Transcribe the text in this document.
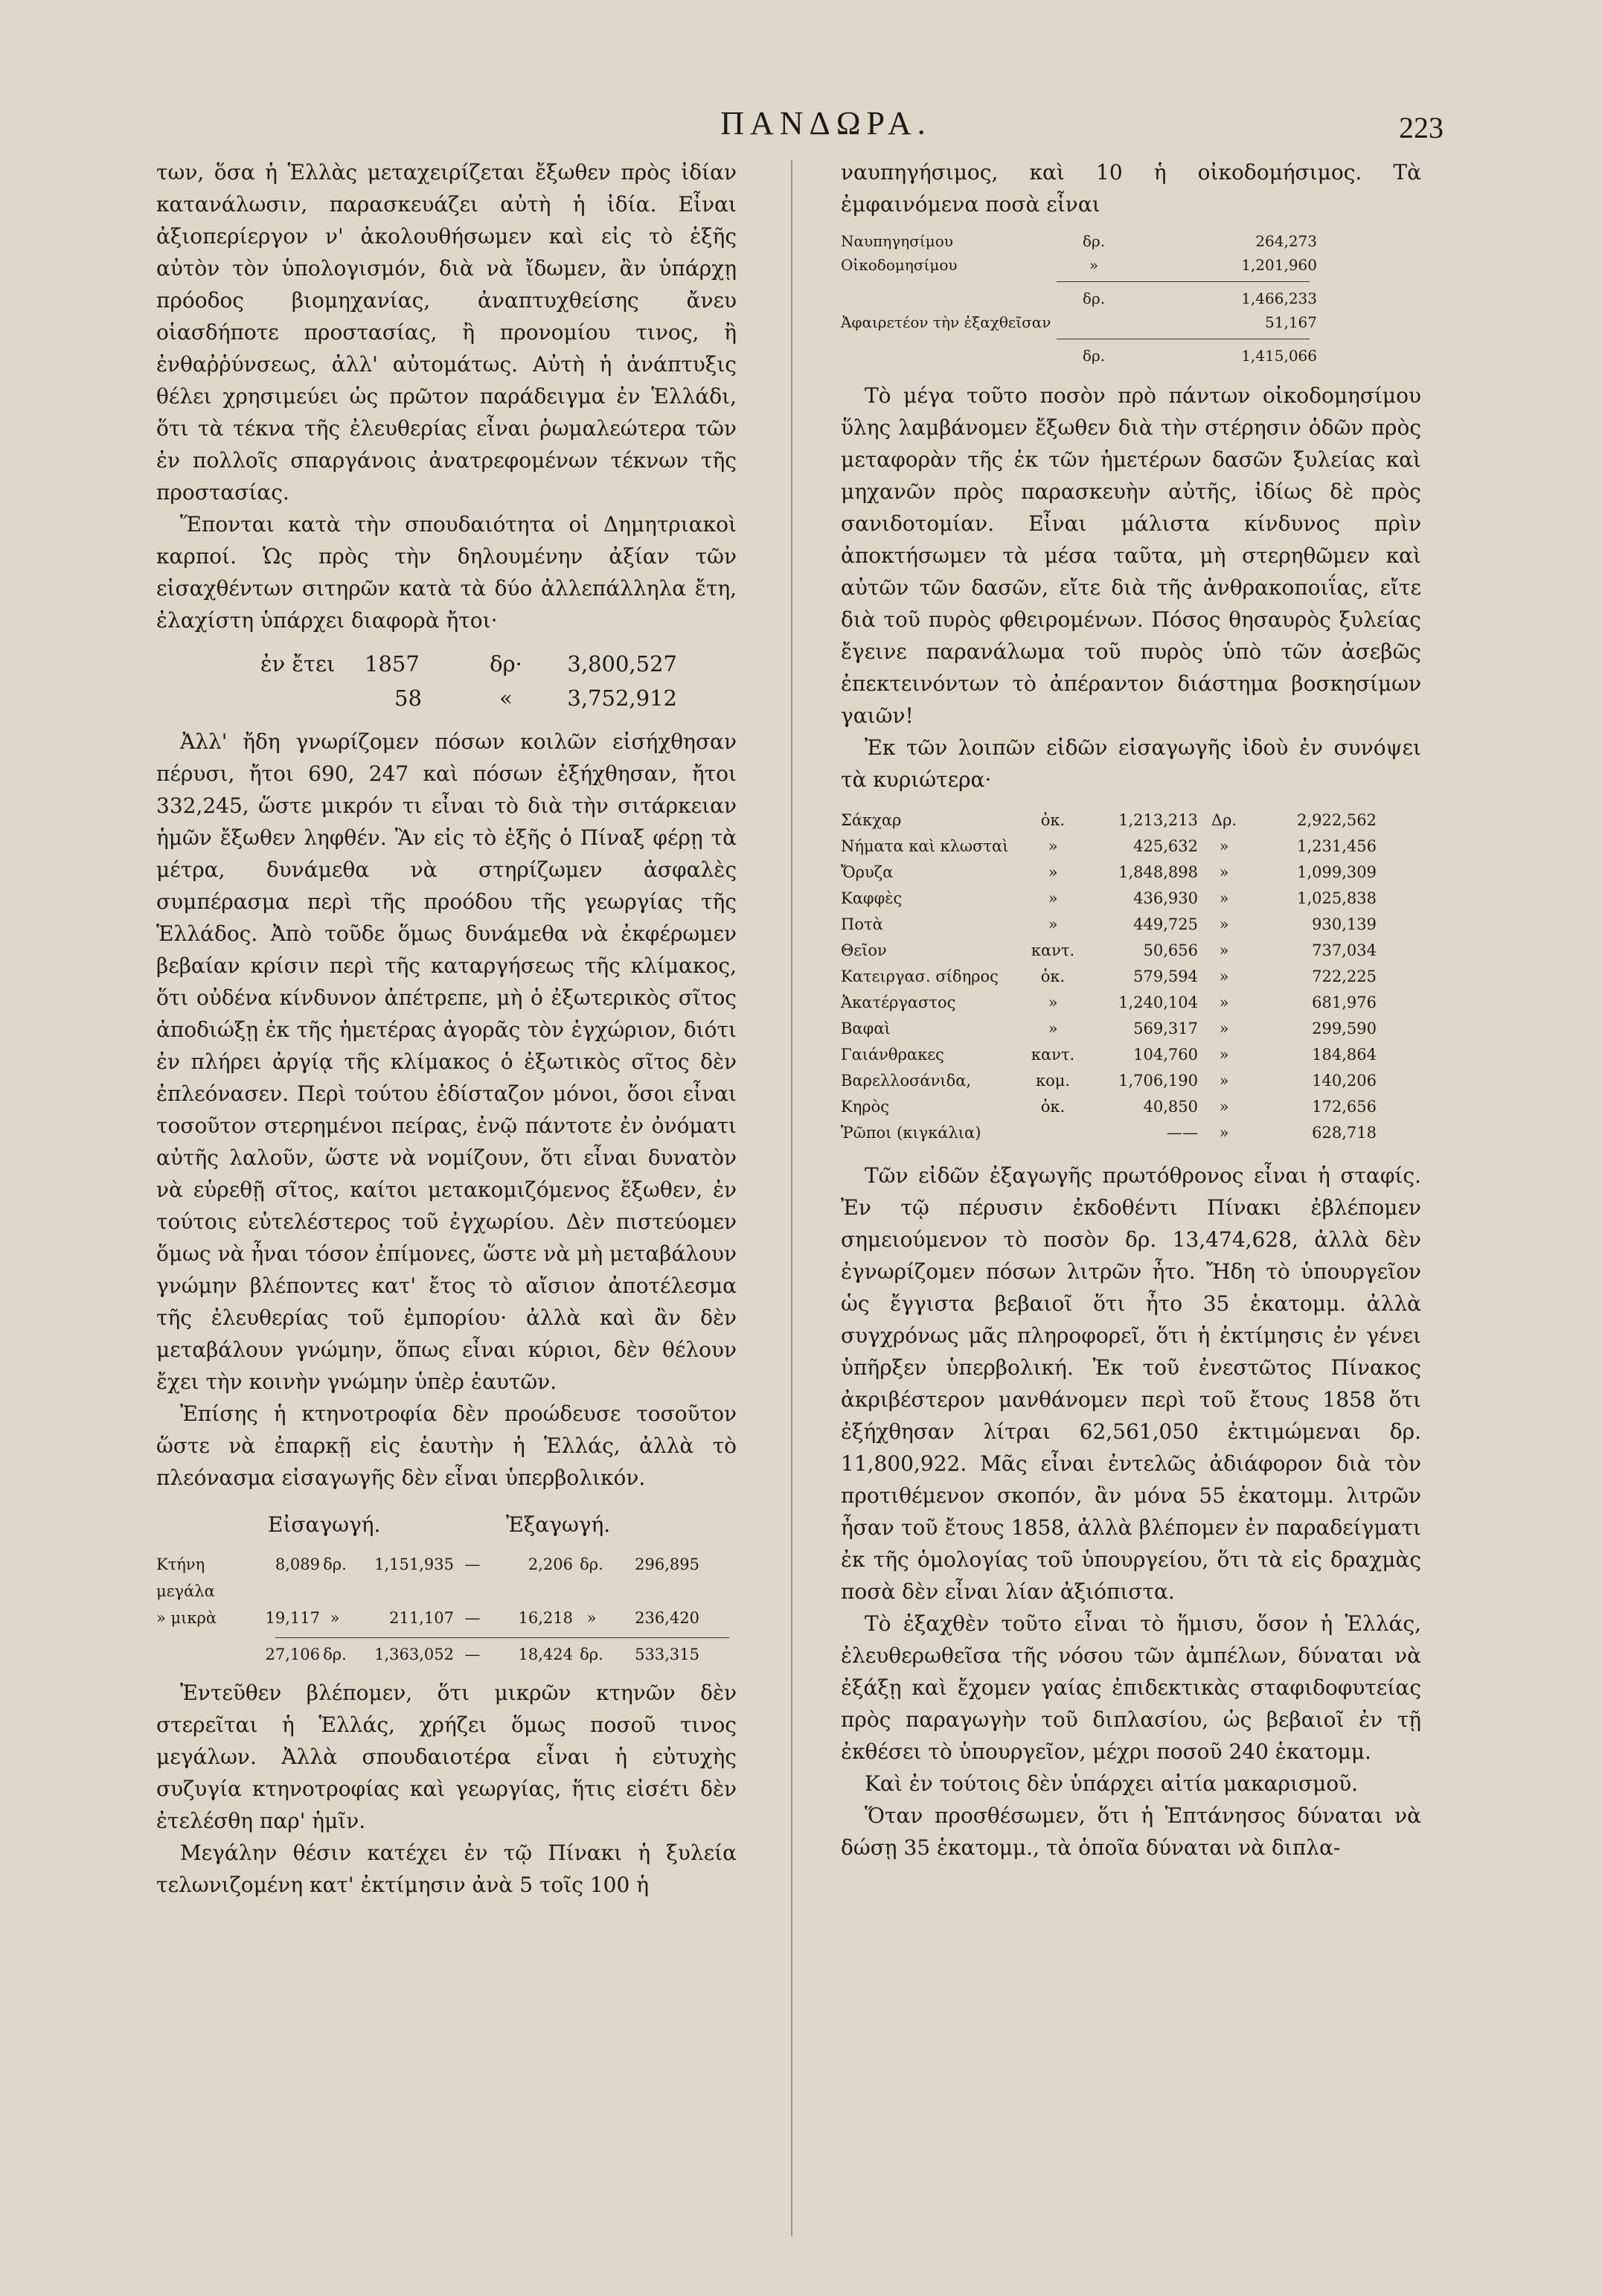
ΠΑΝΔΩΡΑ.	223

των, ὅσα ἡ Ἑλλὰς μεταχειρίζεται ἔξωθεν πρὸς ἰδίαν κατανάλωσιν, παρασκευάζει αὐτὴ ἡ ἰδία. Εἶναι ἀξιοπερίεργον ν' ἀκολουθήσωμεν καὶ εἰς τὸ ἑξῆς αὐτὸν τὸν ὑπολογισμόν, διὰ νὰ ἴδωμεν, ἂν ὑπάρχῃ πρόοδος βιομηχανίας, ἀναπτυχθείσης ἄνευ οἱασδήποτε προστασίας, ἢ προνομίου τινος, ἢ ἐνθαῤῥύνσεως, ἀλλ' αὐτομάτως. Αὐτὴ ἡ ἀνάπτυξις θέλει χρησιμεύει ὡς πρῶτον παράδειγμα ἐν Ἑλλάδι, ὅτι τὰ τέκνα τῆς ἐλευθερίας εἶναι ῥωμαλεώτερα τῶν ἐν πολλοῖς σπαργάνοις ἀνατρεφομένων τέκνων τῆς προστασίας.

Ἕπονται κατὰ τὴν σπουδαιότητα οἱ Δημητριακοὶ καρποί. Ὡς πρὸς τὴν δηλουμένην ἀξίαν τῶν εἰσαχθέντων σιτηρῶν κατὰ τὰ δύο ἀλλεπάλληλα ἔτη, ἐλαχίστη ὑπάρχει διαφορὰ ἤτοι·

ἐν ἔτει	1857	δρ·	3,800,527
58	«	3,752,912

Ἀλλ' ἤδη γνωρίζομεν πόσων κοιλῶν εἰσήχθησαν πέρυσι, ἤτοι 690, 247 καὶ πόσων ἐξήχθησαν, ἤτοι 332,245, ὥστε μικρόν τι εἶναι τὸ διὰ τὴν σιτάρκειαν ἡμῶν ἔξωθεν ληφθέν. Ἂν εἰς τὸ ἑξῆς ὁ Πίναξ φέρῃ τὰ μέτρα, δυνάμεθα νὰ στηρίζωμεν ἀσφαλὲς συμπέρασμα περὶ τῆς προόδου τῆς γεωργίας τῆς Ἑλλάδος. Ἀπὸ τοῦδε ὅμως δυνάμεθα νὰ ἐκφέρωμεν βεβαίαν κρίσιν περὶ τῆς καταργήσεως τῆς κλίμακος, ὅτι οὐδένα κίνδυνον ἀπέτρεπε, μὴ ὁ ἐξωτερικὸς σῖτος ἀποδιώξῃ ἐκ τῆς ἡμετέρας ἀγορᾶς τὸν ἐγχώριον, διότι ἐν πλήρει ἀργίᾳ τῆς κλίμακος ὁ ἐξωτικὸς σῖτος δὲν ἐπλεόνασεν. Περὶ τούτου ἐδίσταζον μόνοι, ὅσοι εἶναι τοσοῦτον στερημένοι πείρας, ἐνῷ πάντοτε ἐν ὀνόματι αὐτῆς λαλοῦν, ὥστε νὰ νομίζουν, ὅτι εἶναι δυνατὸν νὰ εὑρεθῇ σῖτος, καίτοι μετακομιζόμενος ἔξωθεν, ἐν τούτοις εὐτελέστερος τοῦ ἐγχωρίου. Δὲν πιστεύομεν ὅμως νὰ ἦναι τόσον ἐπίμονες, ὥστε νὰ μὴ μεταβάλουν γνώμην βλέποντες κατ' ἔτος τὸ αἴσιον ἀποτέλεσμα τῆς ἐλευθερίας τοῦ ἐμπορίου· ἀλλὰ καὶ ἂν δὲν μεταβάλουν γνώμην, ὅπως εἶναι κύριοι, δὲν θέλουν ἔχει τὴν κοινὴν γνώμην ὑπὲρ ἑαυτῶν.

Ἐπίσης ἡ κτηνοτροφία δὲν προώδευσε τοσοῦτον ὥστε νὰ ἐπαρκῇ εἰς ἑαυτὴν ἡ Ἑλλάς, ἀλλὰ τὸ πλεόνασμα εἰσαγωγῆς δὲν εἶναι ὑπερβολικόν.

Εἰσαγωγή.	Ἐξαγωγή.
Κτήνη μεγάλα
8,089 δρ.	1,151,935 —	2,206 δρ.	296,895
» μικρὰ	19,117 »	211,107 —	16,218 »	236,420
27,106 δρ.	1,363,052 —	18,424 δρ.	533,315

Ἐντεῦθεν βλέπομεν, ὅτι μικρῶν κτηνῶν δὲν στερεῖται ἡ Ἑλλάς, χρήζει ὅμως ποσοῦ τινος μεγάλων. Ἀλλὰ σπουδαιοτέρα εἶναι ἡ εὐτυχὴς συζυγία κτηνοτροφίας καὶ γεωργίας, ἥτις εἰσέτι δὲν ἐτελέσθη παρ' ἡμῖν.

Μεγάλην θέσιν κατέχει ἐν τῷ Πίνακι ἡ ξυλεία τελωνιζομένη κατ' ἐκτίμησιν ἀνὰ 5 τοῖς 100 ἡ

ναυπηγήσιμος, καὶ 10 ἡ οἰκοδομήσιμος. Τὰ ἐμφαινόμενα ποσὰ εἶναι

Ναυπηγησίμου	δρ.	264,273
Οἰκοδομησίμου	»	1,201,960
δρ.	1,466,233
Ἀφαιρετέον τὴν ἐξαχθεῖσαν	51,167
δρ.	1,415,066

Τὸ μέγα τοῦτο ποσὸν πρὸ πάντων οἰκοδομησίμου ὕλης λαμβάνομεν ἔξωθεν διὰ τὴν στέρησιν ὁδῶν πρὸς μεταφορὰν τῆς ἐκ τῶν ἡμετέρων δασῶν ξυλείας καὶ μηχανῶν πρὸς παρασκευὴν αὐτῆς, ἰδίως δὲ πρὸς σανιδοτομίαν. Εἶναι μάλιστα κίνδυνος πρὶν ἀποκτήσωμεν τὰ μέσα ταῦτα, μὴ στερηθῶμεν καὶ αὐτῶν τῶν δασῶν, εἴτε διὰ τῆς ἀνθρακοποιΐας, εἴτε διὰ τοῦ πυρὸς φθειρομένων. Πόσος θησαυρὸς ξυλείας ἔγεινε παρανάλωμα τοῦ πυρὸς ὑπὸ τῶν ἀσεβῶς ἐπεκτεινόντων τὸ ἀπέραντον διάστημα βοσκησίμων γαιῶν!

Ἐκ τῶν λοιπῶν εἰδῶν εἰσαγωγῆς ἰδοὺ ἐν συνόψει τὰ κυριώτερα·

Σάκχαρ	ὀκ.	1,213,213 Δρ.	2,922,562
Νήματα καὶ κλωσταὶ	»	425,632	»	1,231,456
Ὄρυζα	»	1,848,898	»	1,099,309
Καφφὲς	»	436,930	»	1,025,838
Ποτὰ	»	449,725	»	930,139
Θεῖον	καντ.	50,656	»	737,034
Κατειργασ. σίδηρος	ὀκ.	579,594	»	722,225
Ἀκατέργαστος	»	1,240,104	»	681,976
Βαφαὶ	»	569,317	»	299,590
Γαιάνθρακες	καντ.	104,760	»	184,864
Βαρελλοσάνιδα,	κομ.	1,706,190	»	140,206
Κηρὸς	ὀκ.	40,850	»	172,656
Ῥῶποι (κιγκάλια)	——	»	628,718

Τῶν εἰδῶν ἐξαγωγῆς πρωτόθρονος εἶναι ἡ σταφίς. Ἐν τῷ πέρυσιν ἐκδοθέντι Πίνακι ἐβλέπομεν σημειούμενον τὸ ποσὸν δρ. 13,474,628, ἀλλὰ δὲν ἐγνωρίζομεν πόσων λιτρῶν ἦτο. Ἤδη τὸ ὑπουργεῖον ὡς ἔγγιστα βεβαιοῖ ὅτι ἦτο 35 ἑκατομμ. ἀλλὰ συγχρόνως μᾶς πληροφορεῖ, ὅτι ἡ ἐκτίμησις ἐν γένει ὑπῆρξεν ὑπερβολική. Ἐκ τοῦ ἐνεστῶτος Πίνακος ἀκριβέστερον μανθάνομεν περὶ τοῦ ἔτους 1858 ὅτι ἐξήχθησαν λίτραι 62,561,050 ἐκτιμώμεναι δρ. 11,800,922. Μᾶς εἶναι ἐντελῶς ἀδιάφορον διὰ τὸν προτιθέμενον σκοπόν, ἂν μόνα 55 ἑκατομμ. λιτρῶν ἦσαν τοῦ ἔτους 1858, ἀλλὰ βλέπομεν ἐν παραδείγματι ἐκ τῆς ὁμολογίας τοῦ ὑπουργείου, ὅτι τὰ εἰς δραχμὰς ποσὰ δὲν εἶναι λίαν ἀξιόπιστα.

Τὸ ἐξαχθὲν τοῦτο εἶναι τὸ ἥμισυ, ὅσον ἡ Ἑλλάς, ἐλευθερωθεῖσα τῆς νόσου τῶν ἀμπέλων, δύναται νὰ ἐξάξῃ καὶ ἔχομεν γαίας ἐπιδεκτικὰς σταφιδοφυτείας πρὸς παραγωγὴν τοῦ διπλασίου, ὡς βεβαιοῖ ἐν τῇ ἐκθέσει τὸ ὑπουργεῖον, μέχρι ποσοῦ 240 ἑκατομμ.

Καὶ ἐν τούτοις δὲν ὑπάρχει αἰτία μακαρισμοῦ.

Ὅταν προσθέσωμεν, ὅτι ἡ Ἑπτάνησος δύναται νὰ δώσῃ 35 ἑκατομμ., τὰ ὁποῖα δύναται νὰ διπλα-
